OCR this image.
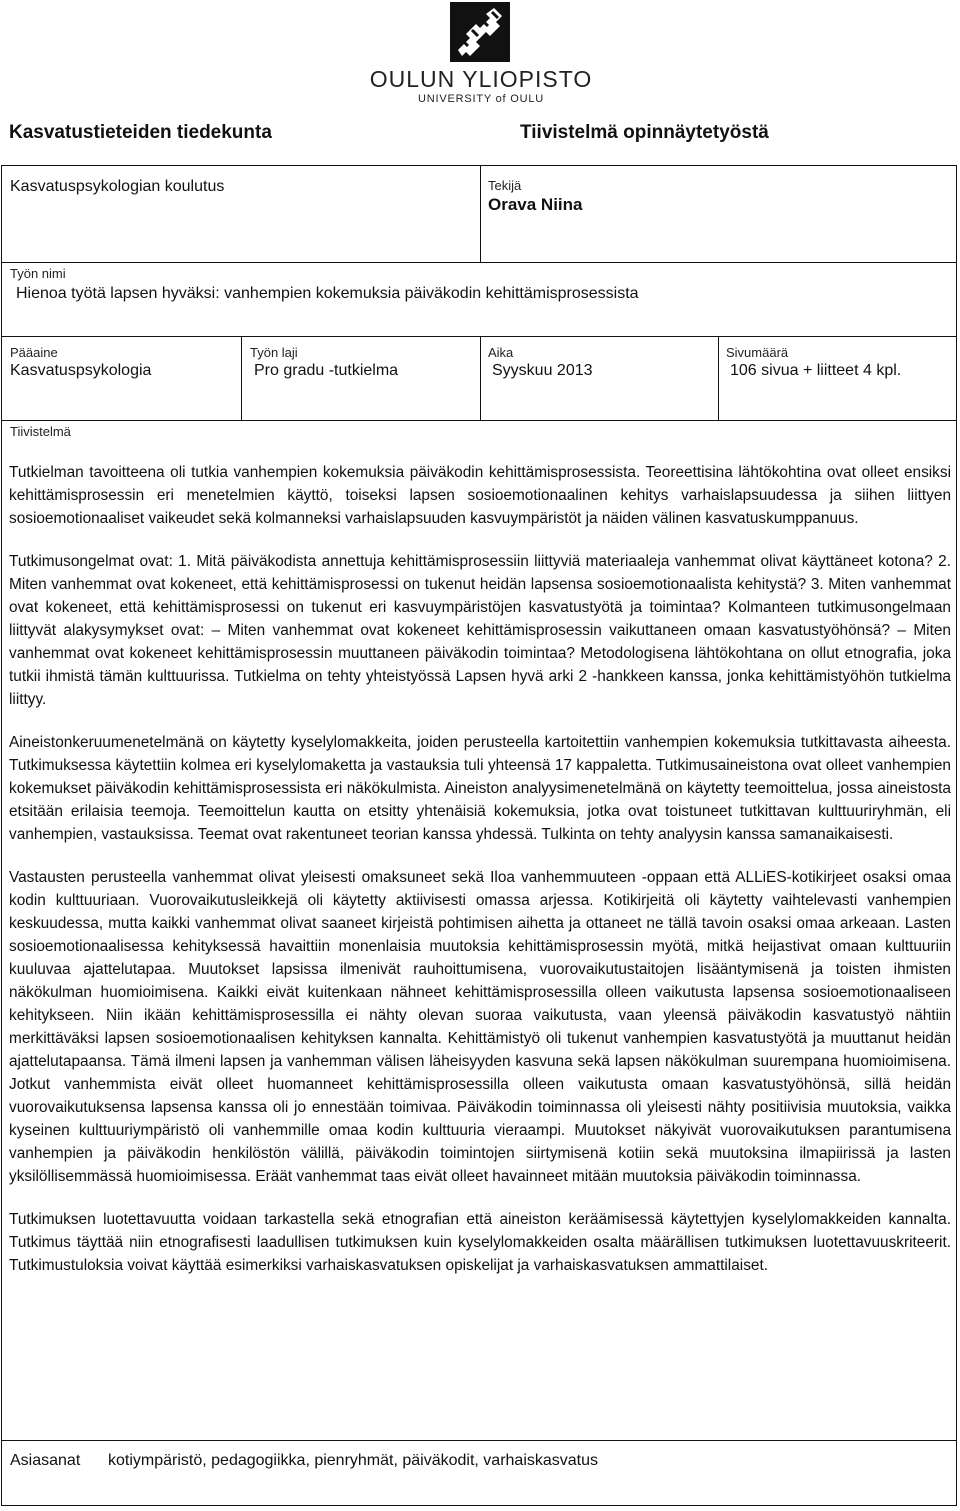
OULUN YLIOPISTO
UNIVERSITY of OULU
Kasvatustieteiden tiedekunta	Tiivistelmä opinnäytetyöstä
Kasvatuspsykologian koulutus	Tekijä
Orava Niina
Työn nimi
Hienoa työtä lapsen hyväksi: vanhempien kokemuksia päiväkodin kehittämisprosessista
Pääaine
Kasvatuspsykologia
Työn laji
Pro gradu -tutkielma
Aika
Syyskuu 2013
Sivumäärä
106 sivua + liitteet 4 kpl.
Tiivistelmä
Asiasanat kotiympäristö, pedagogiikka, pienryhmät, päiväkodit, varhaiskasvatus

Tutkielman tavoitteena oli tutkia vanhempien kokemuksia päiväkodin kehittämisprosessista. Teoreettisina lähtökohtina ovat olleet ensiksi kehittämisprosessin eri menetelmien käyttö, toiseksi lapsen sosioemotionaalinen kehitys varhaislapsuudessa ja siihen liittyen sosioemotionaaliset vaikeudet sekä kolmanneksi varhaislapsuuden kasvuympäristöt ja näiden välinen kasvatuskumppanuus.

Tutkimusongelmat ovat: 1. Mitä päiväkodista annettuja kehittämisprosessiin liittyviä materiaaleja vanhemmat olivat käyttäneet kotona? 2. Miten vanhemmat ovat kokeneet, että kehittämisprosessi on tukenut heidän lapsensa sosioemotionaalista kehitystä? 3. Miten vanhemmat ovat kokeneet, että kehittämisprosessi on tukenut eri kasvuympäristöjen kasvatustyötä ja toimintaa? Kolmanteen tutkimusongelmaan liittyvät alakysymykset ovat: – Miten vanhemmat ovat kokeneet kehittämisprosessin vaikuttaneen omaan kasvatustyöhönsä? – Miten vanhemmat ovat kokeneet kehittämisprosessin muuttaneen päiväkodin toimintaa? Metodologisena lähtökohtana on ollut etnografia, joka tutkii ihmistä tämän kulttuurissa. Tutkielma on tehty yhteistyössä Lapsen hyvä arki 2 -hankkeen kanssa, jonka kehittämistyöhön tutkielma liittyy.

Aineistonkeruumenetelmänä on käytetty kyselylomakkeita, joiden perusteella kartoitettiin vanhempien kokemuksia tutkittavasta aiheesta. Tutkimuksessa käytettiin kolmea eri kyselylomaketta ja vastauksia tuli yhteensä 17 kappaletta. Tutkimusaineistona ovat olleet vanhempien kokemukset päiväkodin kehittämisprosessista eri näkökulmista. Aineiston analyysimenetelmänä on käytetty teemoittelua, jossa aineistosta etsitään erilaisia teemoja. Teemoittelun kautta on etsitty yhtenäisiä kokemuksia, jotka ovat toistuneet tutkittavan kulttuuriryhmän, eli vanhempien, vastauksissa. Teemat ovat rakentuneet teorian kanssa yhdessä. Tulkinta on tehty analyysin kanssa samanaikaisesti.

Vastausten perusteella vanhemmat olivat yleisesti omaksuneet sekä Iloa vanhemmuuteen -oppaan että ALLiES-kotikirjeet osaksi omaa kodin kulttuuriaan. Vuorovaikutusleikkejä oli käytetty aktiivisesti omassa arjessa. Kotikirjeitä oli käytetty vaihtelevasti vanhempien keskuudessa, mutta kaikki vanhemmat olivat saaneet kirjeistä pohtimisen aihetta ja ottaneet ne tällä tavoin osaksi omaa arkeaan. Lasten sosioemotionaalisessa kehityksessä havaittiin monenlaisia muutoksia kehittämisprosessin myötä, mitkä heijastivat omaan kulttuuriin kuuluvaa ajattelutapaa. Muutokset lapsissa ilmenivät rauhoittumisena, vuorovaikutustaitojen lisääntymisenä ja toisten ihmisten näkökulman huomioimisena. Kaikki eivät kuitenkaan nähneet kehittämisprosessilla olleen vaikutusta lapsensa sosioemotionaaliseen kehitykseen. Niin ikään kehittämisprosessilla ei nähty olevan suoraa vaikutusta, vaan yleensä päiväkodin kasvatustyö nähtiin merkittäväksi lapsen sosioemotionaalisen kehityksen kannalta. Kehittämistyö oli tukenut vanhempien kasvatustyötä ja muuttanut heidän ajattelutapaansa. Tämä ilmeni lapsen ja vanhemman välisen läheisyyden kasvuna sekä lapsen näkökulman suurempana huomioimisena. Jotkut vanhemmista eivät olleet huomanneet kehittämisprosessilla olleen vaikutusta omaan kasvatustyöhönsä, sillä heidän vuorovaikutuksensa lapsensa kanssa oli jo ennestään toimivaa. Päiväkodin toiminnassa oli yleisesti nähty positiivisia muutoksia, vaikka kyseinen kulttuuriympäristö oli vanhemmille omaa kodin kulttuuria vieraampi. Muutokset näkyivät vuorovaikutuksen parantumisena vanhempien ja päiväkodin henkilöstön välillä, päiväkodin toimintojen siirtymisenä kotiin sekä muutoksina ilmapiirissä ja lasten yksilöllisemmässä huomioimisessa. Eräät vanhemmat taas eivät olleet havainneet mitään muutoksia päiväkodin toiminnassa.

Tutkimuksen luotettavuutta voidaan tarkastella sekä etnografian että aineiston keräämisessä käytettyjen kyselylomakkeiden kannalta. Tutkimus täyttää niin etnografisesti laadullisen tutkimuksen kuin kyselylomakkeiden osalta määrällisen tutkimuksen luotettavuuskriteerit. Tutkimustuloksia voivat käyttää esimerkiksi varhaiskasvatuksen opiskelijat ja varhaiskasvatuksen ammattilaiset.
